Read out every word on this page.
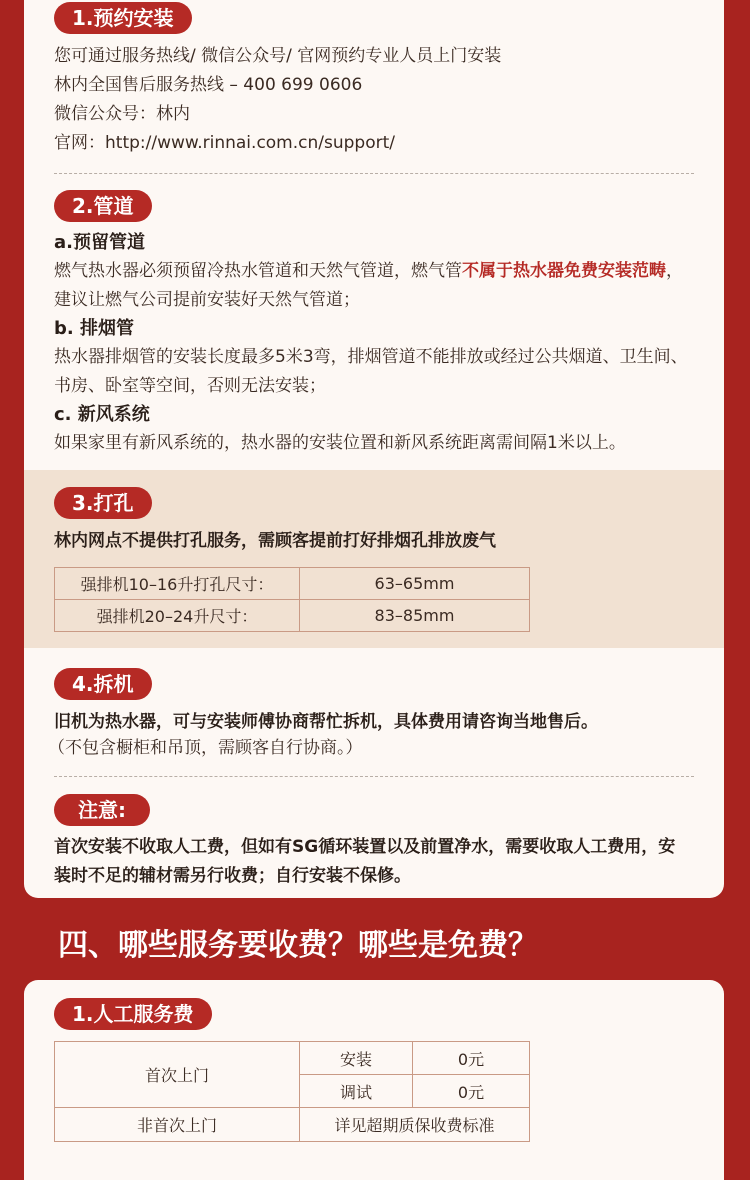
1.预约安装
您可通过服务热线/ 微信公众号/ 官网预约专业人员上门安装
林内全国售后服务热线 – 400 699 0606
微信公众号：林内
官网：http://www.rinnai.com.cn/support/
2.管道
a.预留管道
燃气热水器必须预留冷热水管道和天然气管道，燃气管不属于热水器免费安装范畴，
建议让燃气公司提前安装好天然气管道；
b. 排烟管
热水器排烟管的安装长度最多5米3弯，排烟管道不能排放或经过公共烟道、卫生间、
书房、卧室等空间，否则无法安装；
c. 新风系统
如果家里有新风系统的，热水器的安装位置和新风系统距离需间隔1米以上。
3.打孔
林内网点不提供打孔服务，需顾客提前打好排烟孔排放废气
强排机10–16升打孔尺寸：	63–65mm
强排机20–24升尺寸：	83–85mm
4.拆机
旧机为热水器，可与安装师傅协商帮忙拆机，具体费用请咨询当地售后。
（不包含橱柜和吊顶，需顾客自行协商。）
注意:
首次安装不收取人工费，但如有SG循环装置以及前置净水，需要收取人工费用，安
装时不足的辅材需另行收费；自行安装不保修。
四、哪些服务要收费？哪些是免费？
1.人工服务费
首次上门	安装	0元
	调试	0元
非首次上门	详见超期质保收费标准	
